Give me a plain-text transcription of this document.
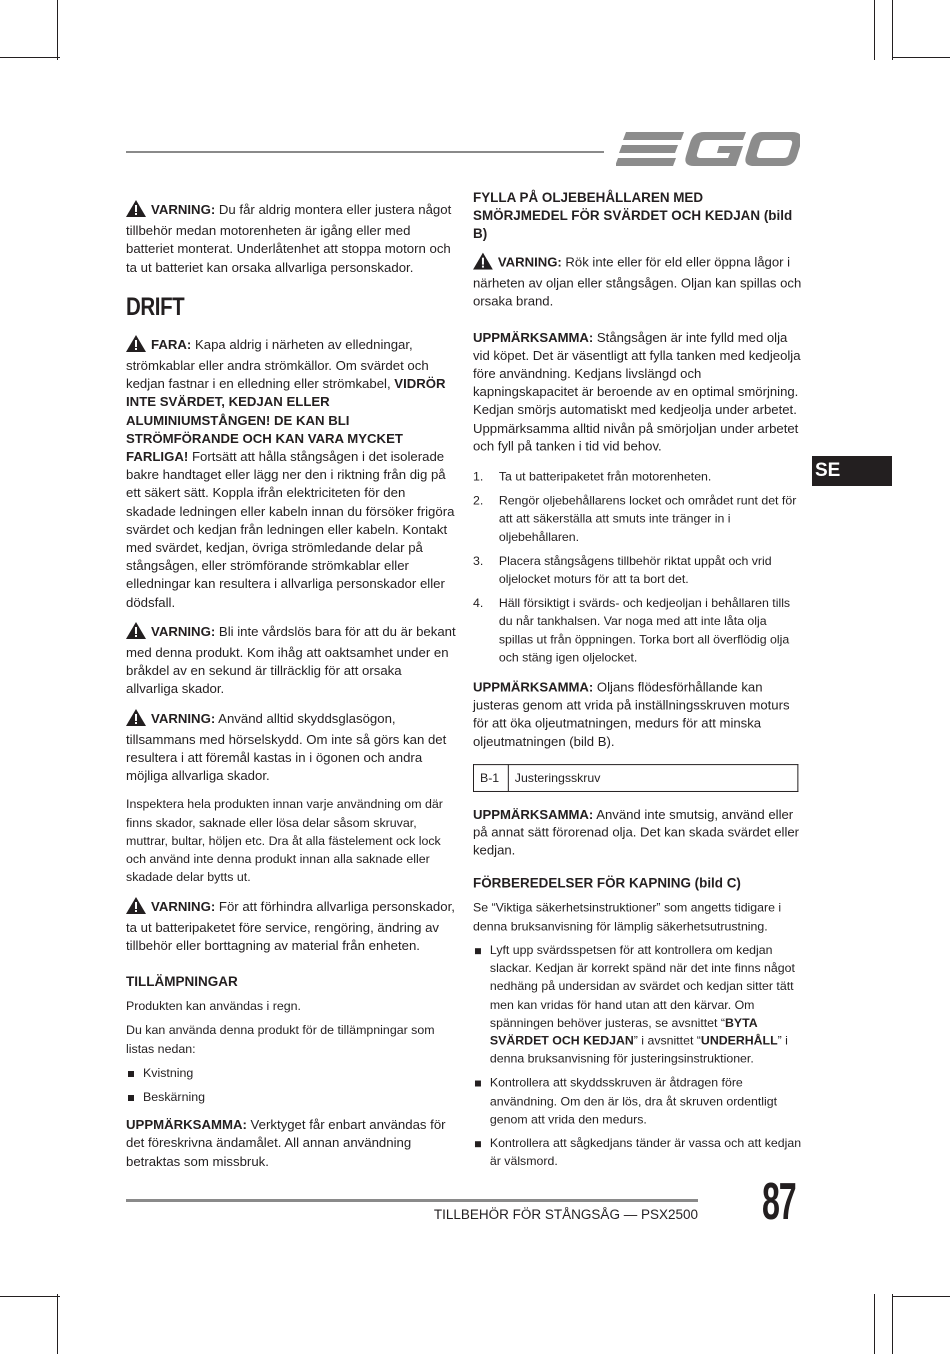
SE

VARNING: Du får aldrig montera eller justera något tillbehör medan motorenheten är igång eller med batteriet monterat. Underlåtenhet att stoppa motorn och ta ut batteriet kan orsaka allvarliga personskador.

DRIFT

FARA: Kapa aldrig i närheten av elledningar, strömkablar eller andra strömkällor. Om svärdet och kedjan fastnar i en elledning eller strömkabel, VIDRÖR INTE SVÄRDET, KEDJAN ELLER ALUMINIUMSTÅNGEN! DE KAN BLI STRÖMFÖRANDE OCH KAN VARA MYCKET FARLIGA! Fortsätt att hålla stångsågen i det isolerade bakre handtaget eller lägg ner den i riktning från dig på ett säkert sätt. Koppla ifrån elektriciteten för den skadade ledningen eller kabeln innan du försöker frigöra svärdet och kedjan från ledningen eller kabeln. Kontakt med svärdet, kedjan, övriga strömledande delar på stångsågen, eller strömförande strömkablar eller elledningar kan resultera i allvarliga personskador eller dödsfall.

VARNING: Bli inte vårdslös bara för att du är bekant med denna produkt. Kom ihåg att oaktsamhet under en bråkdel av en sekund är tillräcklig för att orsaka allvarliga skador.

VARNING: Använd alltid skyddsglasögon, tillsammans med hörselskydd. Om inte så görs kan det resultera i att föremål kastas in i ögonen och andra möjliga allvarliga skador.

Inspektera hela produkten innan varje användning om där finns skador, saknade eller lösa delar såsom skruvar, muttrar, bultar, höljen etc. Dra åt alla fästelement ock lock och använd inte denna produkt innan alla saknade eller skadade delar bytts ut.

VARNING: För att förhindra allvarliga personskador, ta ut batteripaketet före service, rengöring, ändring av tillbehör eller borttagning av material från enheten.

TILLÄMPNINGAR

Produkten kan användas i regn.

Du kan använda denna produkt för de tillämpningar som listas nedan:

Kvistning
Beskärning

UPPMÄRKSAMMA: Verktyget får enbart användas för det föreskrivna ändamålet. All annan användning betraktas som missbruk.

FYLLA PÅ OLJEBEHÅLLAREN MED SMÖRJMEDEL FÖR SVÄRDET OCH KEDJAN (bild B)

VARNING: Rök inte eller för eld eller öppna lågor i närheten av oljan eller stångsågen. Oljan kan spillas och orsaka brand.

UPPMÄRKSAMMA: Stångsågen är inte fylld med olja vid köpet. Det är väsentligt att fylla tanken med kedjeolja före användning. Kedjans livslängd och kapningskapacitet är beroende av en optimal smörjning. Kedjan smörjs automatiskt med kedjeolja under arbetet. Uppmärksamma alltid nivån på smörjoljan under arbetet och fyll på tanken i tid vid behov.

1. Ta ut batteripaketet från motorenheten.
2. Rengör oljebehållarens locket och området runt det för att att säkerställa att smuts inte tränger in i oljebehållaren.
3. Placera stångsågens tillbehör riktat uppåt och vrid oljelocket moturs för att ta bort det.
4. Häll försiktigt i svärds- och kedjeoljan i behållaren tills du når tankhalsen. Var noga med att inte låta olja spillas ut från öppningen. Torka bort all överflödig olja och stäng igen oljelocket.

UPPMÄRKSAMMA: Oljans flödesförhållande kan justeras genom att vrida på inställningsskruven moturs för att öka oljeutmatningen, medurs för att minska oljeutmatningen (bild B).

B-1	Justeringsskruv

UPPMÄRKSAMMA: Använd inte smutsig, använd eller på annat sätt förorenad olja. Det kan skada svärdet eller kedjan.

FÖRBEREDELSER FÖR KAPNING (bild C)

Se “Viktiga säkerhetsinstruktioner” som angetts tidigare i denna bruksanvisning för lämplig säkerhetsutrustning.

Lyft upp svärdsspetsen för att kontrollera om kedjan slackar. Kedjan är korrekt spänd när det inte finns något nedhäng på undersidan av svärdet och kedjan sitter tätt men kan vridas för hand utan att den kärvar. Om spänningen behöver justeras, se avsnittet “BYTA SVÄRDET OCH KEDJAN” i avsnittet “UNDERHÅLL” i denna bruksanvisning för justeringsinstruktioner.
Kontrollera att skyddsskruven är åtdragen före användning. Om den är lös, dra åt skruven ordentligt genom att vrida den medurs.
Kontrollera att sågkedjans tänder är vassa och att kedjan är välsmord.
TILLBEHÖR FÖR STÅNGSÅG — PSX2500 87
